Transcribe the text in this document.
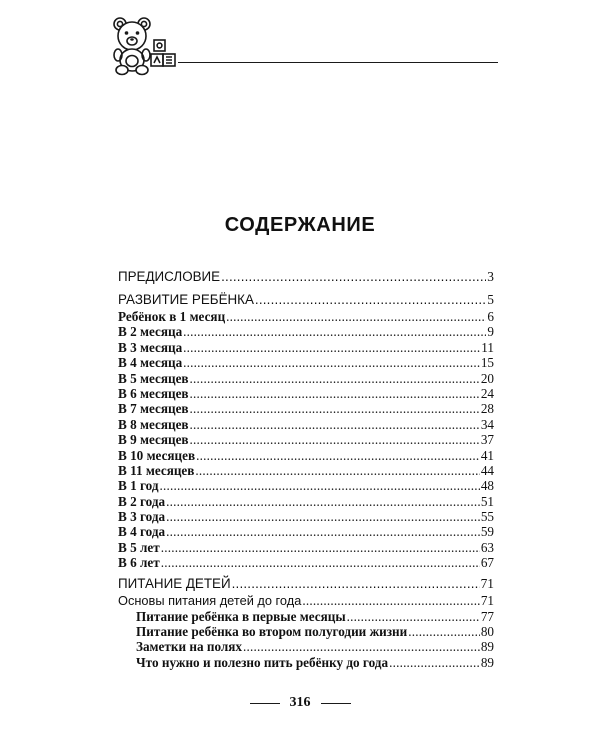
СОДЕРЖАНИЕ
ПРЕДИСЛОВИЕ .....	3
РАЗВИТИЕ РЕБЁНКА .....	5
Ребёнок в 1 месяц .....	6
В 2 месяца .....	9
В 3 месяца .....	11
В 4 месяца .....	15
В 5 месяцев .....	20
В 6 месяцев .....	24
В 7 месяцев .....	28
В 8 месяцев .....	34
В 9 месяцев .....	37
В 10 месяцев .....	41
В 11 месяцев .....	44
В 1 год .....	48
В 2 года .....	51
В 3 года .....	55
В 4 года .....	59
В 5 лет .....	63
В 6 лет .....	67
ПИТАНИЕ ДЕТЕЙ .....	71
Основы питания детей до года .....	71
Питание ребёнка в первые месяцы .....	77
Питание ребёнка во втором полугодии жизни .....	80
Заметки на полях .....	89
Что нужно и полезно пить ребёнку до года .....	89
316
